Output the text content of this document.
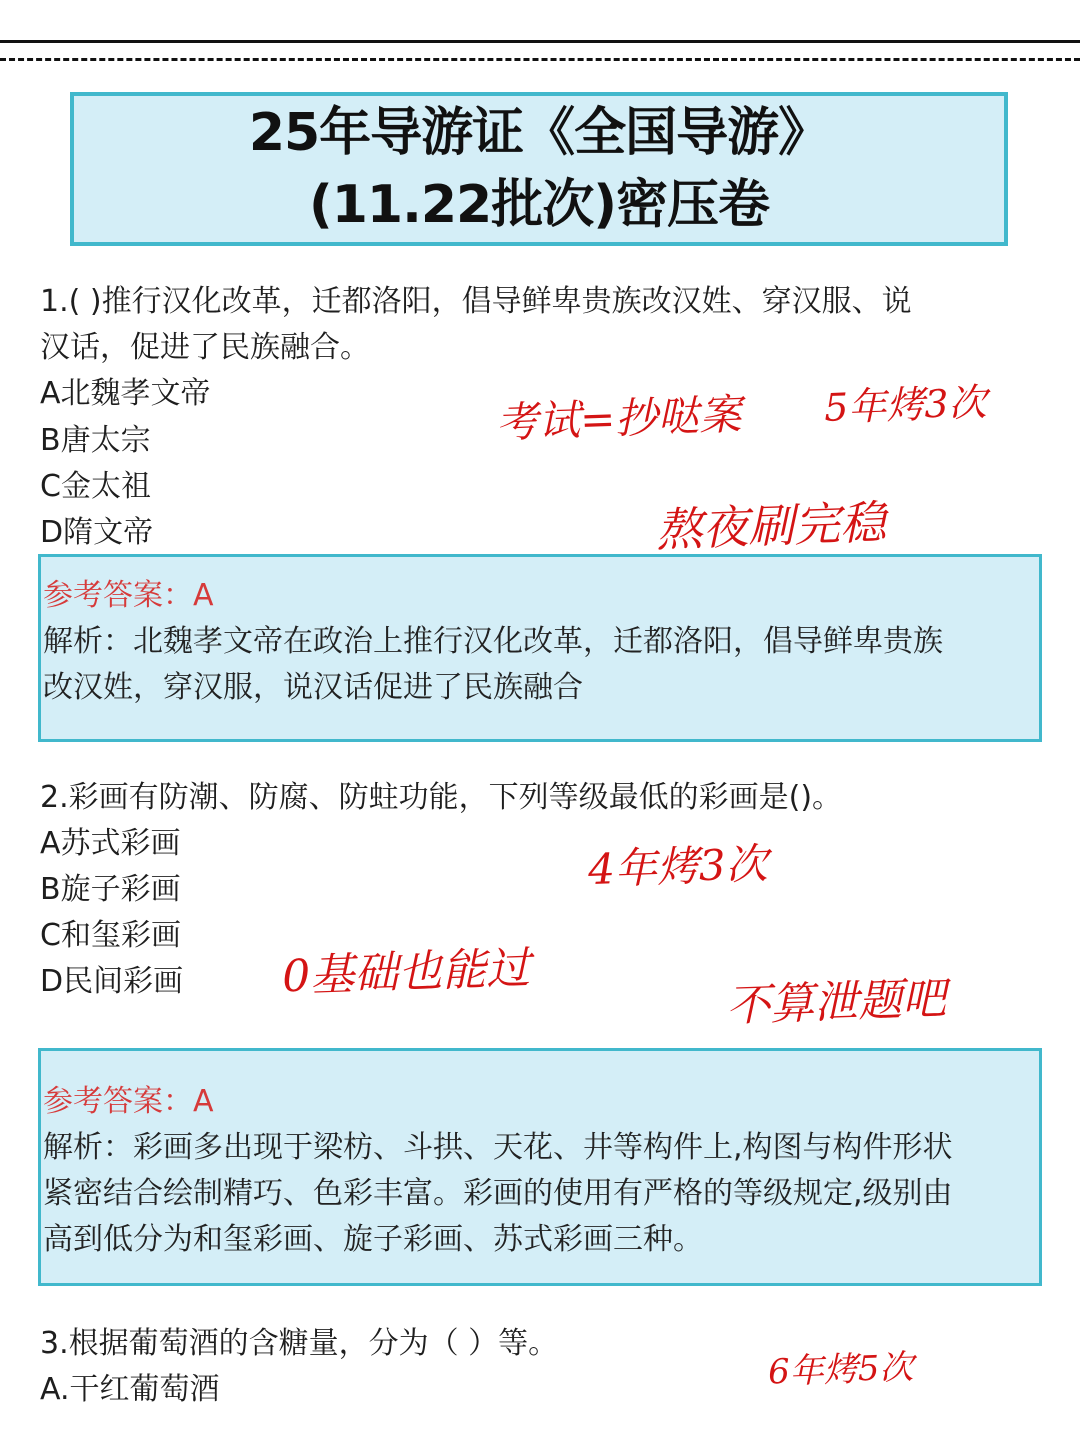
25年导游证《全国导游》
(11.22批次)密压卷
1.( )推行汉化改革，迁都洛阳，倡导鲜卑贵族改汉姓、穿汉服、说
汉话，促进了民族融合。
A北魏孝文帝
B唐太宗
C金太祖
D隋文帝
参考答案：A
解析：北魏孝文帝在政治上推行汉化改革，迁都洛阳，倡导鲜卑贵族
改汉姓，穿汉服，说汉话促进了民族融合
2.彩画有防潮、防腐、防蛀功能，下列等级最低的彩画是()。
A苏式彩画
B旋子彩画
C和玺彩画
D民间彩画
参考答案：A
解析：彩画多出现于梁枋、斗拱、天花、井等构件上,构图与构件形状
紧密结合绘制精巧、色彩丰富。彩画的使用有严格的等级规定,级别由
高到低分为和玺彩画、旋子彩画、苏式彩画三种。
3.根据葡萄酒的含糖量，分为（ ）等。
A.干红葡萄酒
考试=抄哒案 5年烤3次
熬夜刷完稳
4年烤3次
0基础也能过
不算泄题吧
6年烤5次
